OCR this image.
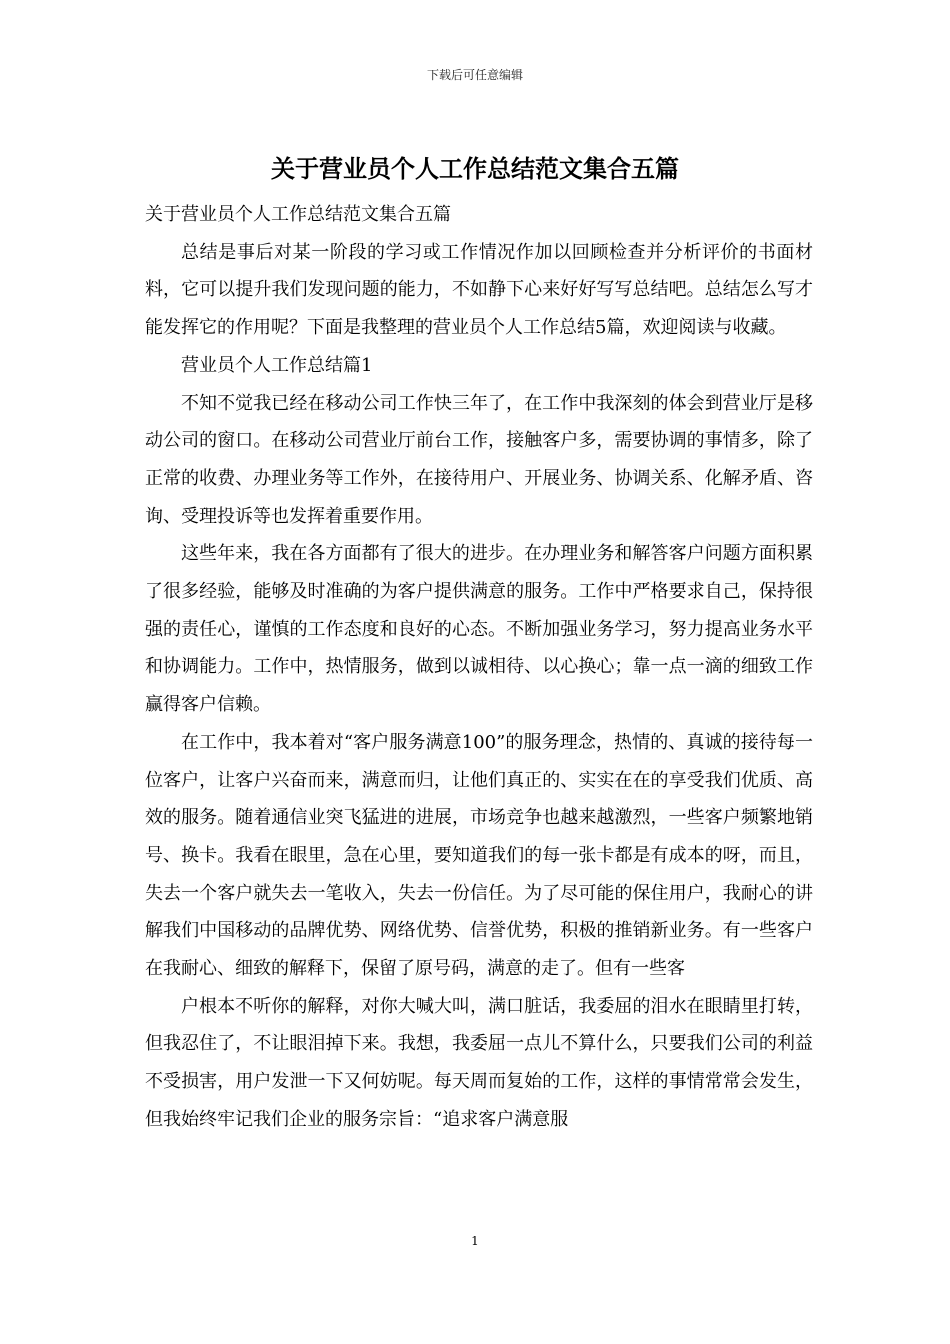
下载后可任意编辑
关于营业员个人工作总结范文集合五篇

关于营业员个人工作总结范文集合五篇

总结是事后对某一阶段的学习或工作情况作加以回顾检查并分析评价的书面材料，它可以提升我们发现问题的能力，不如静下心来好好写写总结吧。总结怎么写才能发挥它的作用呢？下面是我整理的营业员个人工作总结5篇，欢迎阅读与收藏。

营业员个人工作总结篇1

不知不觉我已经在移动公司工作快三年了，在工作中我深刻的体会到营业厅是移动公司的窗口。在移动公司营业厅前台工作，接触客户多，需要协调的事情多，除了正常的收费、办理业务等工作外，在接待用户、开展业务、协调关系、化解矛盾、咨询、受理投诉等也发挥着重要作用。

这些年来，我在各方面都有了很大的进步。在办理业务和解答客户问题方面积累了很多经验，能够及时准确的为客户提供满意的服务。工作中严格要求自己，保持很强的责任心，谨慎的工作态度和良好的心态。不断加强业务学习，努力提高业务水平和协调能力。工作中，热情服务，做到以诚相待、以心换心；靠一点一滴的细致工作赢得客户信赖。

在工作中，我本着对“客户服务满意100”的服务理念，热情的、真诚的接待每一位客户，让客户兴奋而来，满意而归，让他们真正的、实实在在的享受我们优质、高效的服务。随着通信业突飞猛进的进展，市场竞争也越来越激烈，一些客户频繁地销号、换卡。我看在眼里，急在心里，要知道我们的每一张卡都是有成本的呀，而且，失去一个客户就失去一笔收入，失去一份信任。为了尽可能的保住用户，我耐心的讲解我们中国移动的品牌优势、网络优势、信誉优势，积极的推销新业务。有一些客户在我耐心、细致的解释下，保留了原号码，满意的走了。但有一些客

户根本不听你的解释，对你大喊大叫，满口脏话，我委屈的泪水在眼睛里打转，但我忍住了，不让眼泪掉下来。我想，我委屈一点儿不算什么，只要我们公司的利益不受损害，用户发泄一下又何妨呢。每天周而复始的工作，这样的事情常常会发生，但我始终牢记我们企业的服务宗旨：“追求客户满意服

1
